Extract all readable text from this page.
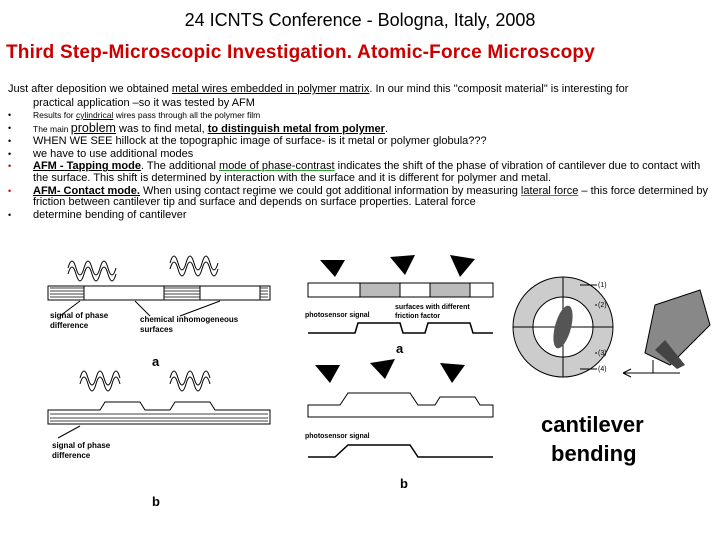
24 ICNTS Conference - Bologna, Italy, 2008
Third Step-Microscopic Investigation. Atomic-Force Microscopy
Just after deposition we obtained metal wires embedded in polymer matrix. In our mind this "composit material" is interesting for
practical application –so it was tested by AFM
•	Results for cylindrical wires pass through all the polymer film
•	The main problem was to find metal, to distinguish metal from polymer.
• WHEN WE SEE hillock at the topographic image of surface- is it metal or polymer globula???
• we have to use additional modes
• AFM - Tapping mode. The additional mode of phase-contrast indicates the shift of the phase of vibration of cantilever due to contact with the surface. This shift is determined by interaction with the surface and it is different for polymer and metal.
• AFM- Contact mode. When using contact regime we could got additional information by measuring lateral force – this force determined by friction between cantilever tip and surface and depends on surface properties. Lateral force
• determine bending of cantilever
signal of phase difference
chemical inhomogeneous surfaces
a
signal of phase difference
b
photosensor signal
surfaces with different friction factor
a
photosensor signal
b
(1)
(2)
(3)
(4)
cantilever
bending
